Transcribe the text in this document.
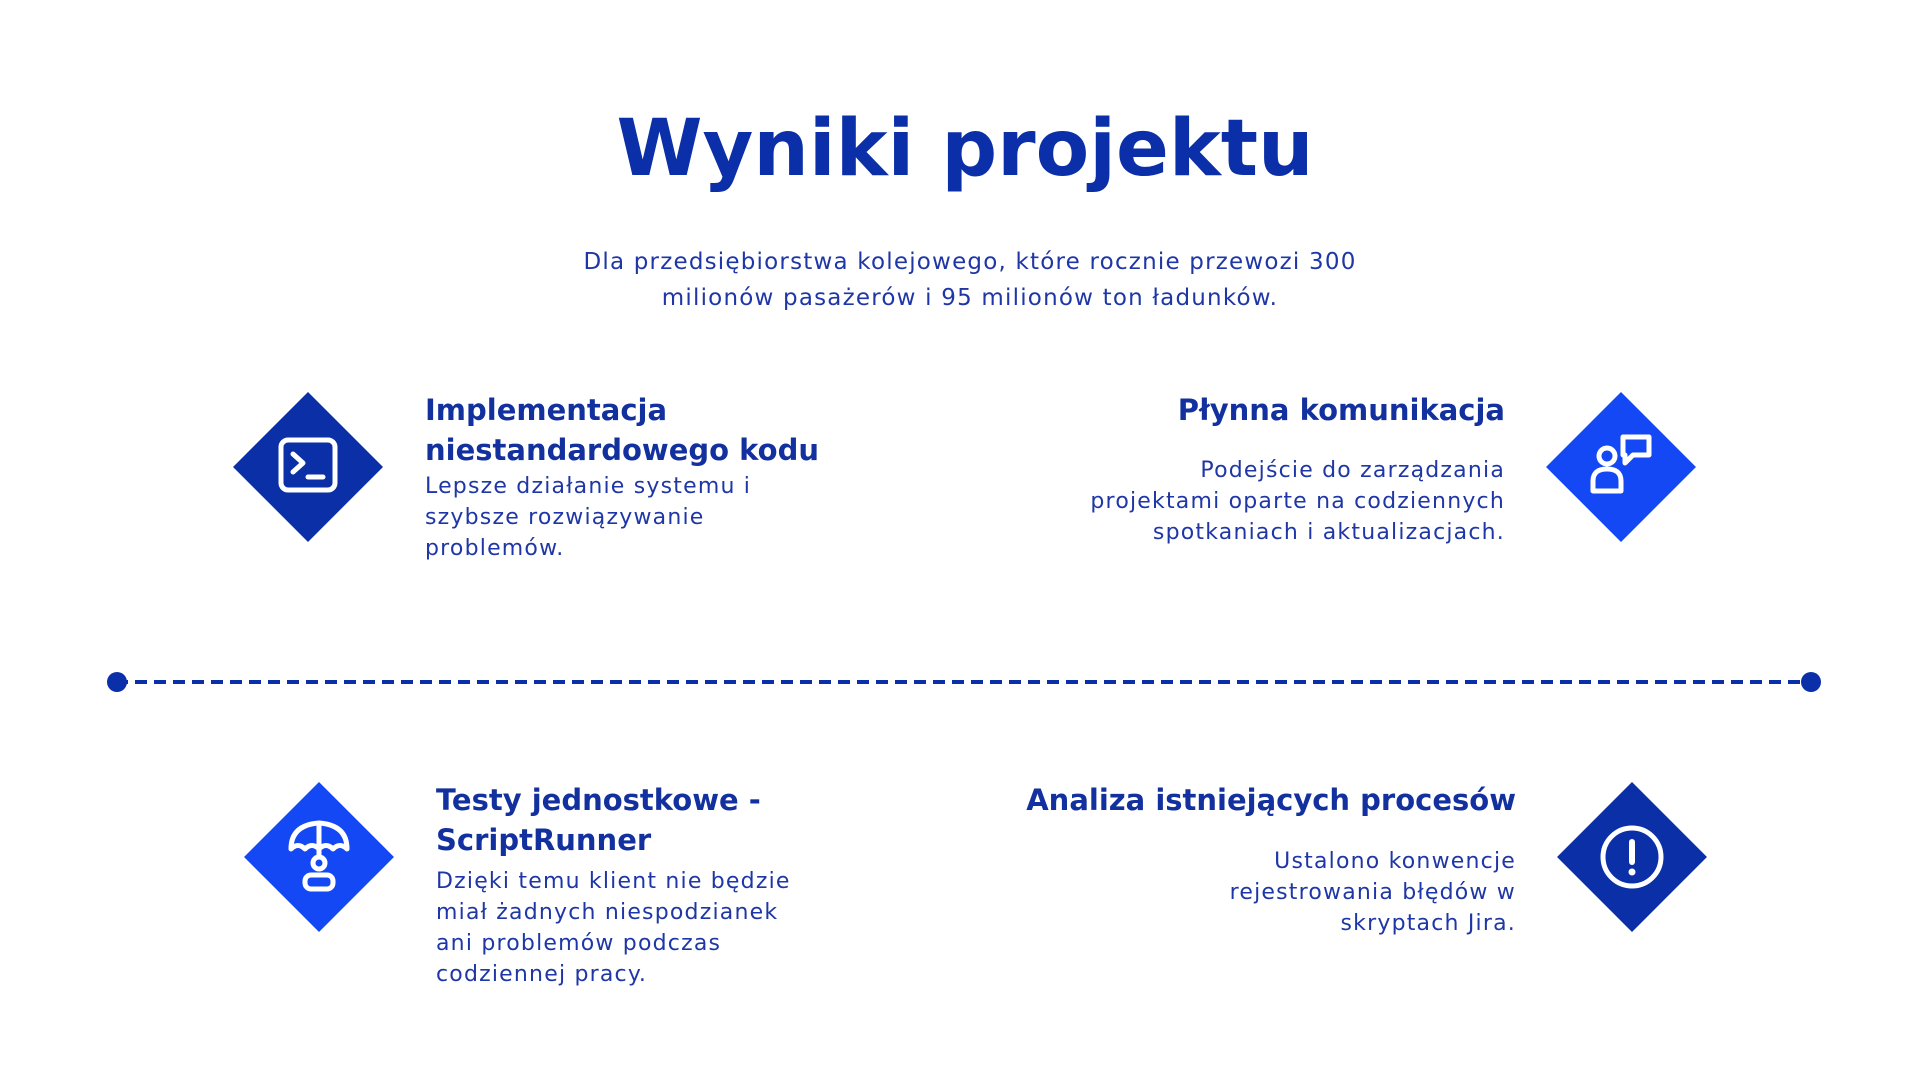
Wyniki projektu

Dla przedsiębiorstwa kolejowego, które rocznie przewozi 300 milionów pasażerów i 95 milionów ton ładunków.

Implementacja niestandardowego kodu
Lepsze działanie systemu i szybsze rozwiązywanie problemów.
Płynna komunikacja
Podejście do zarządzania projektami oparte na codziennych spotkaniach i aktualizacjach.
Testy jednostkowe - ScriptRunner
Dzięki temu klient nie będzie miał żadnych niespodzianek ani problemów podczas codziennej pracy.
Analiza istniejących procesów
Ustalono konwencje rejestrowania błędów w skryptach Jira.
